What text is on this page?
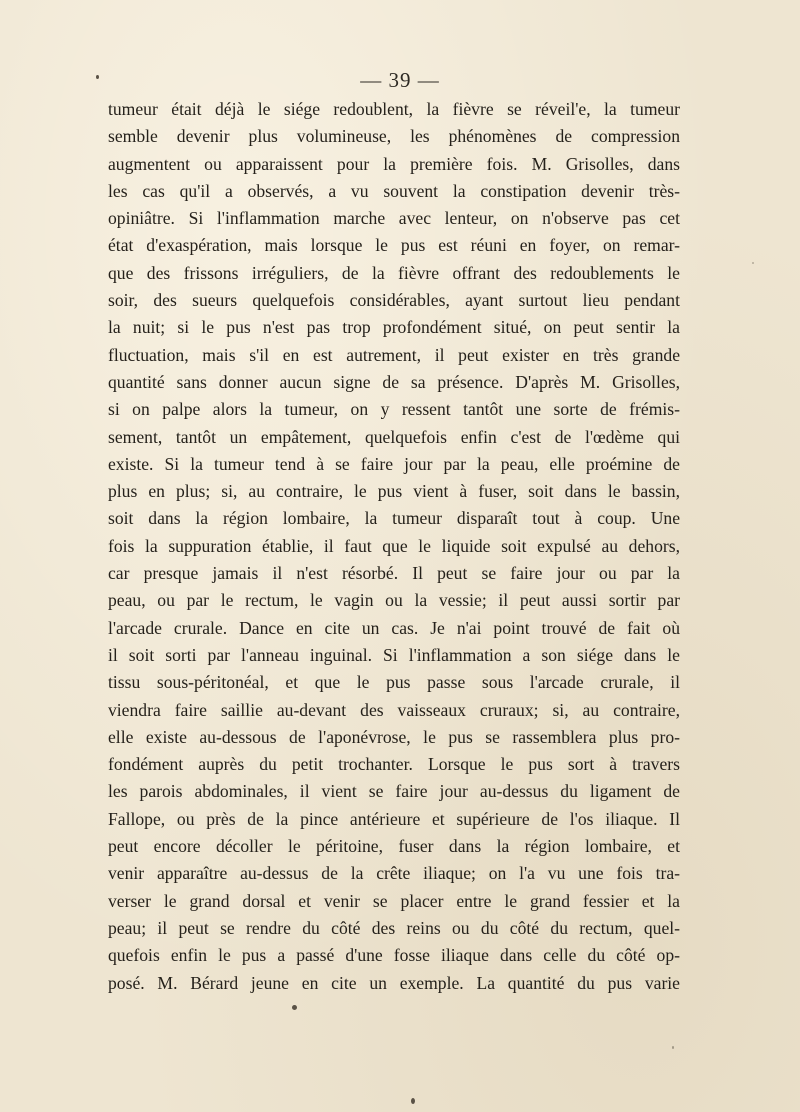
— 39 —
tumeur était déjà le siége redoublent, la fièvre se réveil'e, la tumeur
semble devenir plus volumineuse, les phénomènes de compression
augmentent ou apparaissent pour la première fois. M. Grisolles, dans
les cas qu'il a observés, a vu souvent la constipation devenir très-
opiniâtre. Si l'inflammation marche avec lenteur, on n'observe pas cet
état d'exaspération, mais lorsque le pus est réuni en foyer, on remar-
que des frissons irréguliers, de la fièvre offrant des redoublements le
soir, des sueurs quelquefois considérables, ayant surtout lieu pendant
la nuit; si le pus n'est pas trop profondément situé, on peut sentir la
fluctuation, mais s'il en est autrement, il peut exister en très grande
quantité sans donner aucun signe de sa présence. D'après M. Grisolles,
si on palpe alors la tumeur, on y ressent tantôt une sorte de frémis-
sement, tantôt un empâtement, quelquefois enfin c'est de l'œdème qui
existe. Si la tumeur tend à se faire jour par la peau, elle proémine de
plus en plus; si, au contraire, le pus vient à fuser, soit dans le bassin,
soit dans la région lombaire, la tumeur disparaît tout à coup. Une
fois la suppuration établie, il faut que le liquide soit expulsé au dehors,
car presque jamais il n'est résorbé. Il peut se faire jour ou par la
peau, ou par le rectum, le vagin ou la vessie; il peut aussi sortir par
l'arcade crurale. Dance en cite un cas. Je n'ai point trouvé de fait où
il soit sorti par l'anneau inguinal. Si l'inflammation a son siége dans le
tissu sous-péritonéal, et que le pus passe sous l'arcade crurale, il
viendra faire saillie au-devant des vaisseaux cruraux; si, au contraire,
elle existe au-dessous de l'aponévrose, le pus se rassemblera plus pro-
fondément auprès du petit trochanter. Lorsque le pus sort à travers
les parois abdominales, il vient se faire jour au-dessus du ligament de
Fallope, ou près de la pince antérieure et supérieure de l'os iliaque. Il
peut encore décoller le péritoine, fuser dans la région lombaire, et
venir apparaître au-dessus de la crête iliaque; on l'a vu une fois tra-
verser le grand dorsal et venir se placer entre le grand fessier et la
peau; il peut se rendre du côté des reins ou du côté du rectum, quel-
quefois enfin le pus a passé d'une fosse iliaque dans celle du côté op-
posé. M. Bérard jeune en cite un exemple. La quantité du pus varie
